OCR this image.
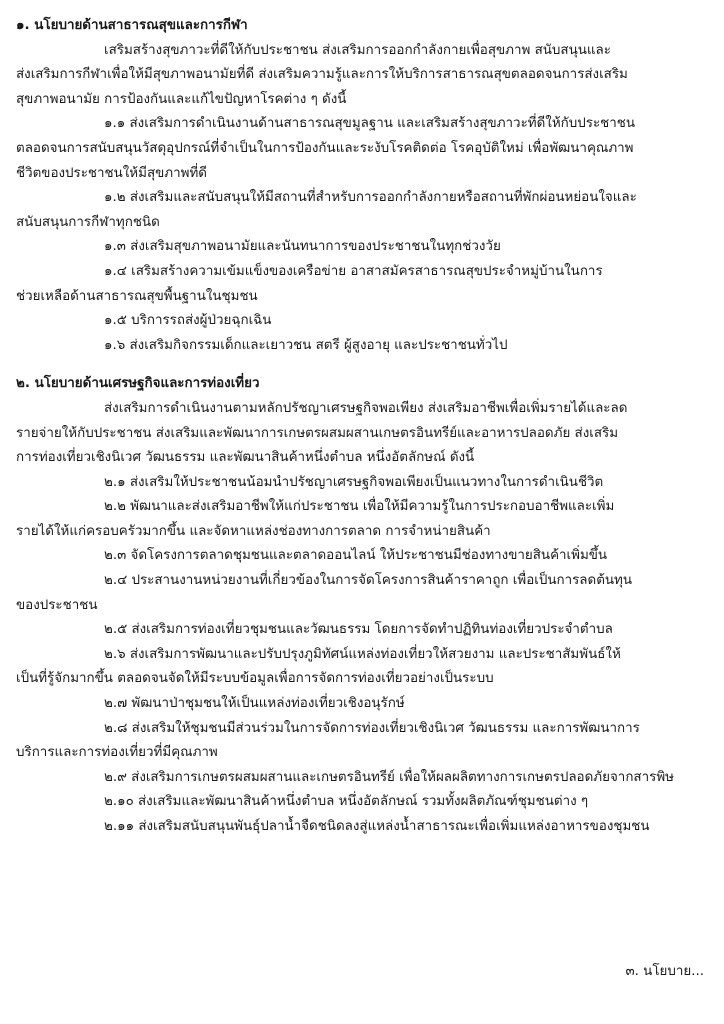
๑. นโยบายด้านสาธารณสุขและการกีฬา
เสริมสร้างสุขภาวะที่ดีให้กับประชาชน ส่งเสริมการออกกำลังกายเพื่อสุขภาพ สนับสนุนและ
ส่งเสริมการกีฬาเพื่อให้มีสุขภาพอนามัยที่ดี ส่งเสริมความรู้และการให้บริการสาธารณสุขตลอดจนการส่งเสริม
สุขภาพอนามัย การป้องกันและแก้ไขปัญหาโรคต่าง ๆ ดังนี้
๑.๑ ส่งเสริมการดำเนินงานด้านสาธารณสุขมูลฐาน และเสริมสร้างสุขภาวะที่ดีให้กับประชาชน
ตลอดจนการสนับสนุนวัสดุอุปกรณ์ที่จำเป็นในการป้องกันและระงับโรคติดต่อ โรคอุบัติใหม่ เพื่อพัฒนาคุณภาพ
ชีวิตของประชาชนให้มีสุขภาพที่ดี
๑.๒ ส่งเสริมและสนับสนุนให้มีสถานที่สำหรับการออกกำลังกายหรือสถานที่พักผ่อนหย่อนใจและ
สนับสนุนการกีฬาทุกชนิด
๑.๓ ส่งเสริมสุขภาพอนามัยและนันทนาการของประชาชนในทุกช่วงวัย
๑.๔ เสริมสร้างความเข้มแข็งของเครือข่าย อาสาสมัครสาธารณสุขประจำหมู่บ้านในการ
ช่วยเหลือด้านสาธารณสุขพื้นฐานในชุมชน
๑.๕ บริการรถส่งผู้ป่วยฉุกเฉิน
๑.๖ ส่งเสริมกิจกรรมเด็กและเยาวชน สตรี ผู้สูงอายุ และประชาชนทั่วไป
๒. นโยบายด้านเศรษฐกิจและการท่องเที่ยว
ส่งเสริมการดำเนินงานตามหลักปรัชญาเศรษฐกิจพอเพียง ส่งเสริมอาชีพเพื่อเพิ่มรายได้และลด
รายจ่ายให้กับประชาชน ส่งเสริมและพัฒนาการเกษตรผสมผสานเกษตรอินทรีย์และอาหารปลอดภัย ส่งเสริม
การท่องเที่ยวเชิงนิเวศ วัฒนธรรม และพัฒนาสินค้าหนึ่งตำบล หนึ่งอัตลักษณ์ ดังนี้
๒.๑ ส่งเสริมให้ประชาชนน้อมนำปรัชญาเศรษฐกิจพอเพียงเป็นแนวทางในการดำเนินชีวิต
๒.๒ พัฒนาและส่งเสริมอาชีพให้แก่ประชาชน เพื่อให้มีความรู้ในการประกอบอาชีพและเพิ่ม
รายได้ให้แก่ครอบครัวมากขึ้น และจัดหาแหล่งช่องทางการตลาด การจำหน่ายสินค้า
๒.๓ จัดโครงการตลาดชุมชนและตลาดออนไลน์ ให้ประชาชนมีช่องทางขายสินค้าเพิ่มขึ้น
๒.๔ ประสานงานหน่วยงานที่เกี่ยวข้องในการจัดโครงการสินค้าราคาถูก เพื่อเป็นการลดต้นทุน
ของประชาชน
๒.๕ ส่งเสริมการท่องเที่ยวชุมชนและวัฒนธรรม โดยการจัดทำปฏิทินท่องเที่ยวประจำตำบล
๒.๖ ส่งเสริมการพัฒนาและปรับปรุงภูมิทัศน์แหล่งท่องเที่ยวให้สวยงาม และประชาสัมพันธ์ให้
เป็นที่รู้จักมากขึ้น ตลอดจนจัดให้มีระบบข้อมูลเพื่อการจัดการท่องเที่ยวอย่างเป็นระบบ
๒.๗ พัฒนาป่าชุมชนให้เป็นแหล่งท่องเที่ยวเชิงอนุรักษ์
๒.๘ ส่งเสริมให้ชุมชนมีส่วนร่วมในการจัดการท่องเที่ยวเชิงนิเวศ วัฒนธรรม และการพัฒนาการ
บริการและการท่องเที่ยวที่มีคุณภาพ
๒.๙ ส่งเสริมการเกษตรผสมผสานและเกษตรอินทรีย์ เพื่อให้ผลผลิตทางการเกษตรปลอดภัยจากสารพิษ
๒.๑๐ ส่งเสริมและพัฒนาสินค้าหนึ่งตำบล หนึ่งอัตลักษณ์ รวมทั้งผลิตภัณฑ์ชุมชนต่าง ๆ
๒.๑๑ ส่งเสริมสนับสนุนพันธุ์ปลาน้ำจืดชนิดลงสู่แหล่งน้ำสาธารณะเพื่อเพิ่มแหล่งอาหารของชุมชน
๓. นโยบาย...
